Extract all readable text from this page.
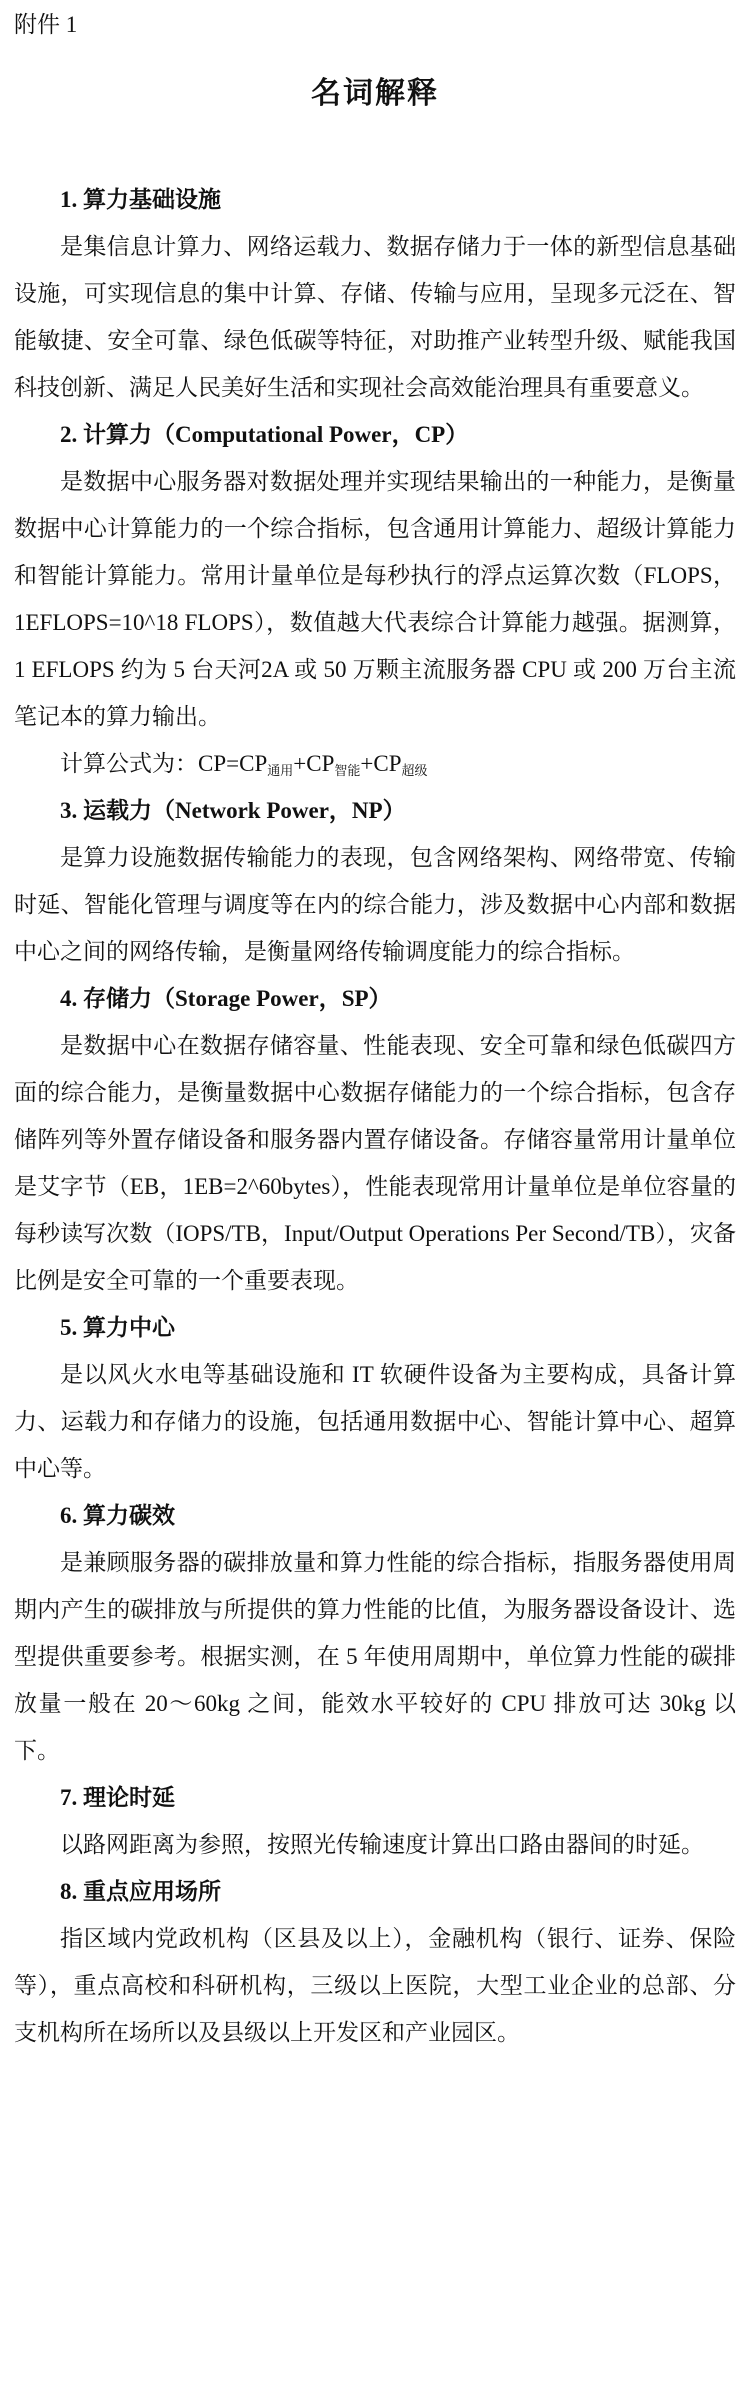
附件 1
名词解释

1. 算力基础设施

是集信息计算力、网络运载力、数据存储力于一体的新型信息基础设施，可实现信息的集中计算、存储、传输与应用，呈现多元泛在、智能敏捷、安全可靠、绿色低碳等特征，对助推产业转型升级、赋能我国科技创新、满足人民美好生活和实现社会高效能治理具有重要意义。

2. 计算力（Computational Power，CP）

是数据中心服务器对数据处理并实现结果输出的一种能力，是衡量数据中心计算能力的一个综合指标，包含通用计算能力、超级计算能力和智能计算能力。常用计量单位是每秒执行的浮点运算次数（FLOPS，1EFLOPS=10^18 FLOPS），数值越大代表综合计算能力越强。据测算，1 EFLOPS 约为 5 台天河2A 或 50 万颗主流服务器 CPU 或 200 万台主流笔记本的算力输出。

计算公式为：$CP=CP_{通用}+CP_{智能}+CP_{超级}$

3. 运载力（Network Power，NP）

是算力设施数据传输能力的表现，包含网络架构、网络带宽、传输时延、智能化管理与调度等在内的综合能力，涉及数据中心内部和数据中心之间的网络传输，是衡量网络传输调度能力的综合指标。

4. 存储力（Storage Power，SP）

是数据中心在数据存储容量、性能表现、安全可靠和绿色低碳四方面的综合能力，是衡量数据中心数据存储能力的一个综合指标，包含存储阵列等外置存储设备和服务器内置存储设备。存储容量常用计量单位是艾字节（EB，1EB=2^60bytes），性能表现常用计量单位是单位容量的每秒读写次数（IOPS/TB，Input/Output Operations Per Second/TB），灾备比例是安全可靠的一个重要表现。

5. 算力中心

是以风火水电等基础设施和 IT 软硬件设备为主要构成，具备计算力、运载力和存储力的设施，包括通用数据中心、智能计算中心、超算中心等。

6. 算力碳效

是兼顾服务器的碳排放量和算力性能的综合指标，指服务器使用周期内产生的碳排放与所提供的算力性能的比值，为服务器设备设计、选型提供重要参考。根据实测，在 5 年使用周期中，单位算力性能的碳排放量一般在 20～60kg 之间，能效水平较好的 CPU 排放可达 30kg 以下。

7. 理论时延

以路网距离为参照，按照光传输速度计算出口路由器间的时延。

8. 重点应用场所

指区域内党政机构（区县及以上），金融机构（银行、证券、保险等），重点高校和科研机构，三级以上医院，大型工业企业的总部、分支机构所在场所以及县级以上开发区和产业园区。
